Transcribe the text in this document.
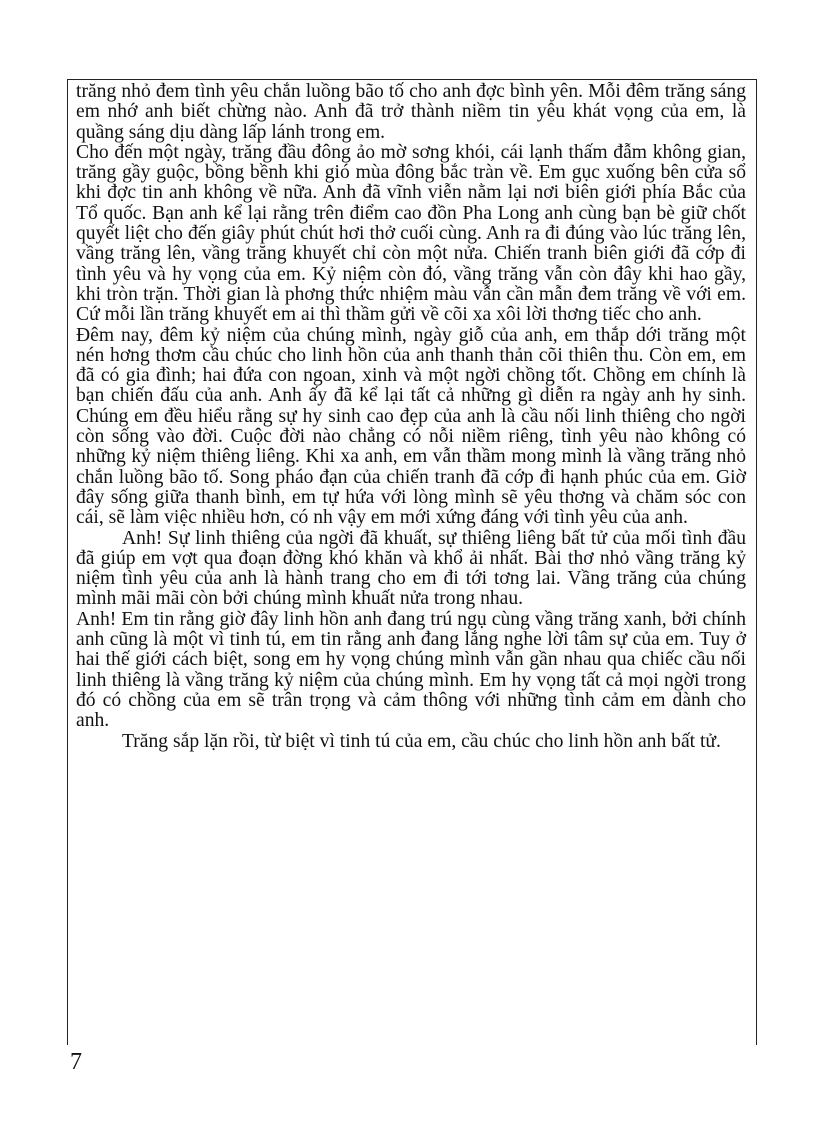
trăng nhỏ đem tình yêu chắn luồng bão tố cho anh đợc bình yên. Mỗi đêm trăng sáng em nhớ anh biết chừng nào. Anh đã trở thành niềm tin yêu khát vọng của em, là quầng sáng dịu dàng lấp lánh trong em.

Cho đến một ngày, trăng đầu đông ảo mờ sơng khói, cái lạnh thấm đẫm không gian, trăng gầy guộc, bồng bềnh khi gió mùa đông bắc tràn về. Em gục xuống bên cửa sổ khi đợc tin anh không về nữa. Anh đã vĩnh viễn nằm lại nơi biên giới phía Bắc của Tổ quốc. Bạn anh kể lại rằng trên điểm cao đồn Pha Long anh cùng bạn bè giữ chốt quyết liệt cho đến giây phút chút hơi thở cuối cùng. Anh ra đi đúng vào lúc trăng lên, vầng trăng lên, vầng trăng khuyết chỉ còn một nửa. Chiến tranh biên giới đã cớp đi tình yêu và hy vọng của em. Kỷ niệm còn đó, vầng trăng vẫn còn đây khi hao gầy, khi tròn trặn. Thời gian là phơng thức nhiệm màu vẫn cần mẫn đem trăng về với em. Cứ mỗi lần trăng khuyết em ai thì thầm gửi về cõi xa xôi lời thơng tiếc cho anh.

Đêm nay, đêm kỷ niệm của chúng mình, ngày giỗ của anh, em thắp dới trăng một nén hơng thơm cầu chúc cho linh hồn của anh thanh thản cõi thiên thu. Còn em, em đã có gia đình; hai đứa con ngoan, xinh và một ngời chồng tốt. Chồng em chính là bạn chiến đấu của anh. Anh ấy đã kể lại tất cả những gì diễn ra ngày anh hy sinh. Chúng em đều hiểu rằng sự hy sinh cao đẹp của anh là cầu nối linh thiêng cho ngời còn sống vào đời. Cuộc đời nào chẳng có nỗi niềm riêng, tình yêu nào không có những kỷ niệm thiêng liêng. Khi xa anh, em vẫn thầm mong mình là vầng trăng nhỏ chắn luồng bão tố. Song pháo đạn của chiến tranh đã cớp đi hạnh phúc của em. Giờ đây sống giữa thanh bình, em tự hứa với lòng mình sẽ yêu thơng và chăm sóc con cái, sẽ làm việc nhiều hơn, có nh vậy em mới xứng đáng với tình yêu của anh.

Anh! Sự linh thiêng của ngời đã khuất, sự thiêng liêng bất tử của mối tình đầu đã giúp em vợt qua đoạn đờng khó khăn và khổ ải nhất. Bài thơ nhỏ vầng trăng kỷ niệm tình yêu của anh là hành trang cho em đi tới tơng lai. Vầng trăng của chúng mình mãi mãi còn bởi chúng mình khuất nửa trong nhau.

Anh! Em tin rằng giờ đây linh hồn anh đang trú ngụ cùng vầng trăng xanh, bởi chính anh cũng là một vì tinh tú, em tin rằng anh đang lắng nghe lời tâm sự của em. Tuy ở hai thế giới cách biệt, song em hy vọng chúng mình vẫn gần nhau qua chiếc cầu nối linh thiêng là vầng trăng kỷ niệm của chúng mình. Em hy vọng tất cả mọi ngời trong đó có chồng của em sẽ trân trọng và cảm thông với những tình cảm em dành cho anh.

Trăng sắp lặn rồi, từ biệt vì tinh tú của em, cầu chúc cho linh hồn anh bất tử.

7
